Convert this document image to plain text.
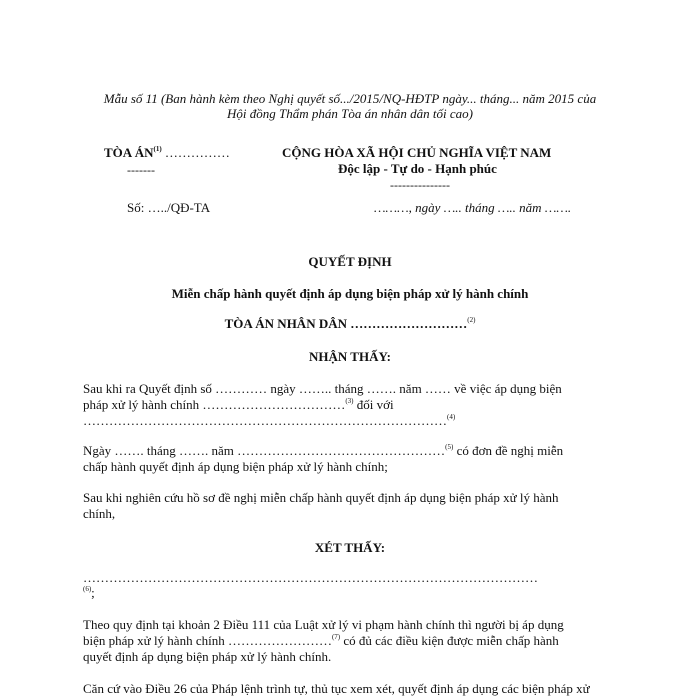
Mẫu số 11 (Ban hành kèm theo Nghị quyết số.../2015/NQ-HĐTP ngày... tháng... năm 2015 của
Hội đồng Thẩm phán Tòa án nhân dân tối cao)
TÒA ÁN$^{(1)}$ ……………
-------
Số: …../QĐ-TA
CỘNG HÒA XÃ HỘI CHỦ NGHĨA VIỆT NAM
Độc lập - Tự do - Hạnh phúc
---------------
………, ngày ….. tháng ….. năm …….
QUYẾT ĐỊNH
Miễn chấp hành quyết định áp dụng biện pháp xử lý hành chính
TÒA ÁN NHÂN DÂN ………………………$^{(2)}$
NHẬN THẤY:
Sau khi ra Quyết định số ………… ngày …….. tháng ……. năm …… về việc áp dụng biện
pháp xử lý hành chính ……………………………$^{(3)}$ đối với
…………………………………………………………………………$^{(4)}$
Ngày ……. tháng ……. năm …………………………………………$^{(5)}$ có đơn đề nghị miễn
chấp hành quyết định áp dụng biện pháp xử lý hành chính;
Sau khi nghiên cứu hồ sơ đề nghị miễn chấp hành quyết định áp dụng biện pháp xử lý hành
chính,
XÉT THẤY:
……………………………………………………………………………………………
$^{(6)}$;
Theo quy định tại khoản 2 Điều 111 của Luật xử lý vi phạm hành chính thì người bị áp dụng
biện pháp xử lý hành chính ……………………$^{(7)}$ có đủ các điều kiện được miễn chấp hành
quyết định áp dụng biện pháp xử lý hành chính.
Căn cứ vào Điều 26 của Pháp lệnh trình tự, thủ tục xem xét, quyết định áp dụng các biện pháp xử
